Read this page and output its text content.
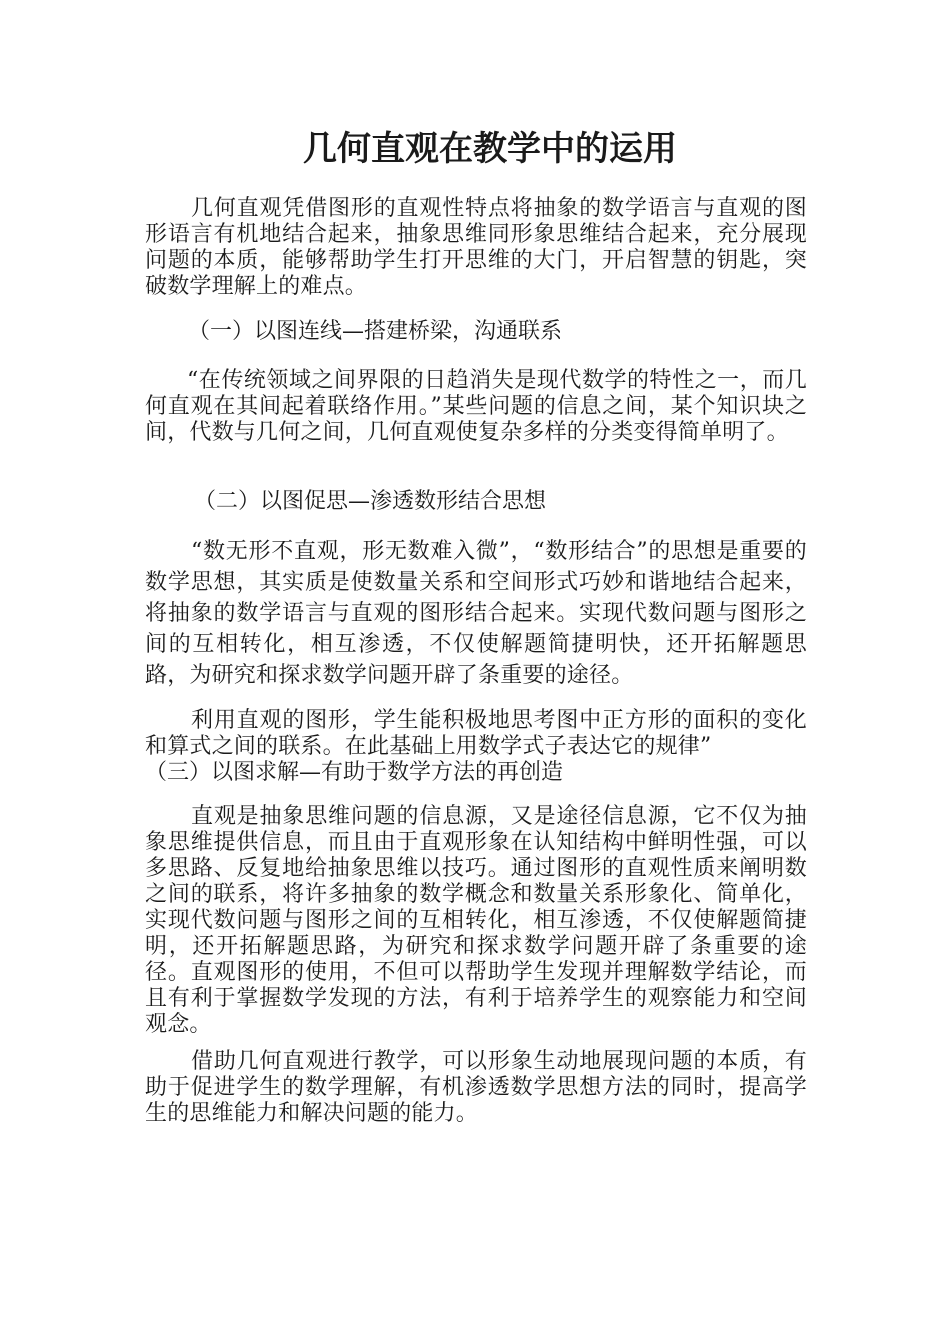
几何直观在教学中的运用

几何直观凭借图形的直观性特点将抽象的数学语言与直观的图形语言有机地结合起来，抽象思维同形象思维结合起来，充分展现问题的本质，能够帮助学生打开思维的大门，开启智慧的钥匙，突破数学理解上的难点。

（一）以图连线—搭建桥梁，沟通联系

“在传统领域之间界限的日趋消失是现代数学的特性之一，而几何直观在其间起着联络作用。”某些问题的信息之间，某个知识块之间，代数与几何之间，几何直观使复杂多样的分类变得简单明了。

（二）以图促思—渗透数形结合思想

“数无形不直观，形无数难入微”，“数形结合”的思想是重要的数学思想，其实质是使数量关系和空间形式巧妙和谐地结合起来，将抽象的数学语言与直观的图形结合起来。实现代数问题与图形之间的互相转化，相互渗透，不仅使解题简捷明快，还开拓解题思路，为研究和探求数学问题开辟了条重要的途径。

利用直观的图形，学生能积极地思考图中正方形的面积的变化和算式之间的联系。在此基础上用数学式子表达它的规律”

（三）以图求解—有助于数学方法的再创造

直观是抽象思维问题的信息源，又是途径信息源，它不仅为抽象思维提供信息，而且由于直观形象在认知结构中鲜明性强，可以多思路、反复地给抽象思维以技巧。通过图形的直观性质来阐明数之间的联系，将许多抽象的数学概念和数量关系形象化、简单化，实现代数问题与图形之间的互相转化，相互渗透，不仅使解题简捷明，还开拓解题思路，为研究和探求数学问题开辟了条重要的途径。直观图形的使用，不但可以帮助学生发现并理解数学结论，而且有利于掌握数学发现的方法，有利于培养学生的观察能力和空间观念。

借助几何直观进行教学，可以形象生动地展现问题的本质，有助于促进学生的数学理解，有机渗透数学思想方法的同时，提高学生的思维能力和解决问题的能力。
